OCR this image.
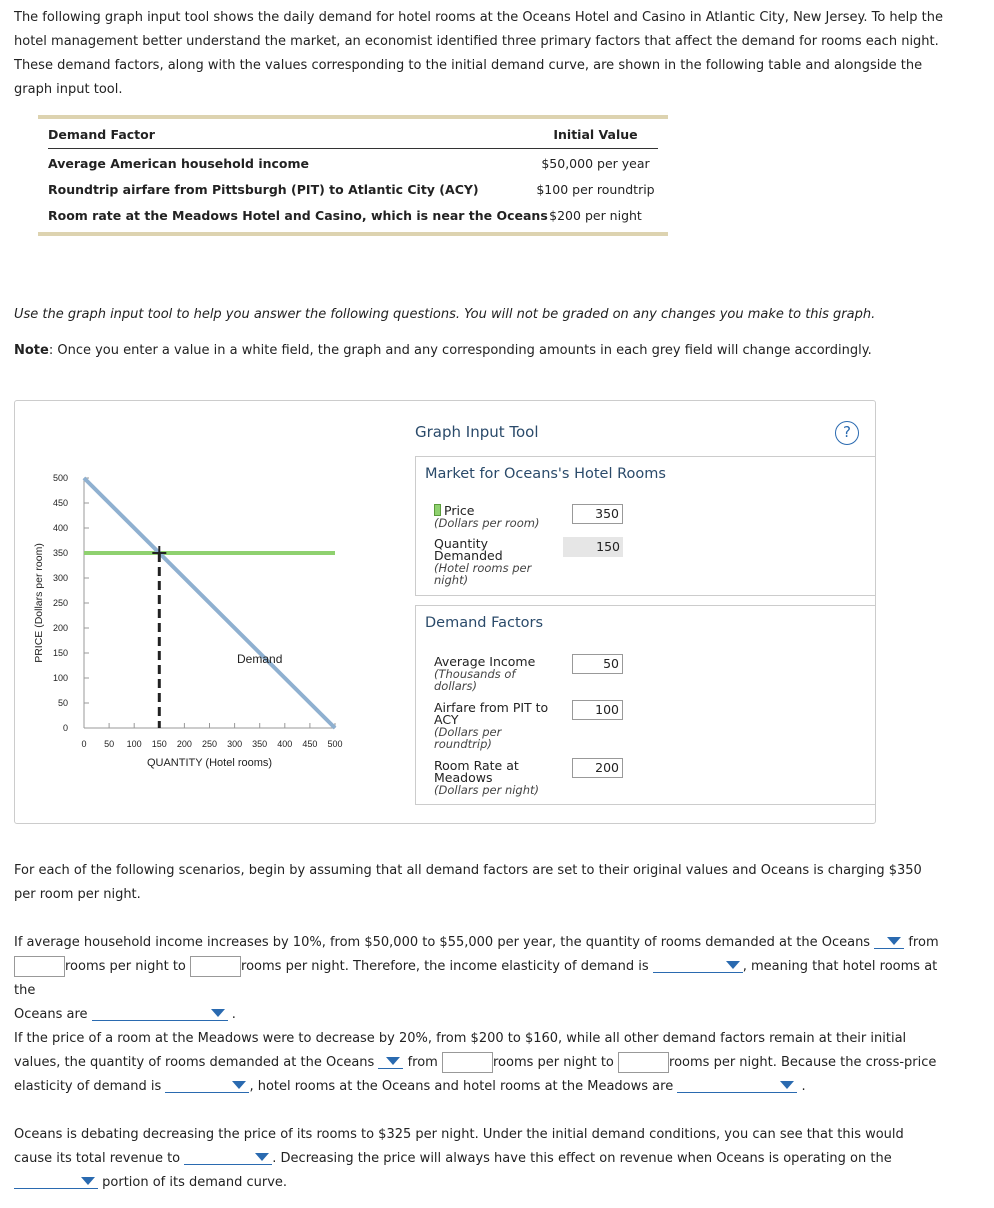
The following graph input tool shows the daily demand for hotel rooms at the Oceans Hotel and Casino in Atlantic City, New Jersey. To help the hotel management better understand the market, an economist identified three primary factors that affect the demand for rooms each night. These demand factors, along with the values corresponding to the initial demand curve, are shown in the following table and alongside the graph input tool.
Demand Factor	Initial Value
Average American household income	$50,000 per year
Roundtrip airfare from Pittsburgh (PIT) to Atlantic City (ACY)	$100 per roundtrip
Room rate at the Meadows Hotel and Casino, which is near the Oceans $200 per night
Use the graph input tool to help you answer the following questions. You will not be graded on any changes you make to this graph.
Note: Once you enter a value in a white field, the graph and any corresponding amounts in each grey field will change accordingly.
0
50
100
150
200
250
300
350
400
450
500
0 50 100 150 200 250 300 350 400 450 500
PRICE (Dollars per room)
QUANTITY (Hotel rooms)
Demand
Graph Input Tool	?
Market for Oceans's Hotel Rooms
Price
(Dollars per room)
350
Quantity
Demanded
(Hotel rooms per
night)
150
Demand Factors
Average Income
(Thousands of
dollars)
50
Airfare from PIT to
ACY
(Dollars per
roundtrip)
100
Room Rate at
Meadows
(Dollars per night)
200
For each of the following scenarios, begin by assuming that all demand factors are set to their original values and Oceans is charging $350 per room per night.
If average household income increases by 10%, from $50,000 to $55,000 per year, the quantity of rooms demanded at the Oceans	from
rooms per night to	rooms per night. Therefore, the income elasticity of demand is	, meaning that hotel rooms at the
Oceans are	.
If the price of a room at the Meadows were to decrease by 20%, from $200 to $160, while all other demand factors remain at their initial values, the quantity of rooms demanded at the Oceans	from	rooms per night to	rooms per night. Because the cross-price elasticity of demand is	, hotel rooms at the Oceans and hotel rooms at the Meadows are	.
Oceans is debating decreasing the price of its rooms to $325 per night. Under the initial demand conditions, you can see that this would cause its total revenue to	. Decreasing the price will always have this effect on revenue when Oceans is operating on the
portion of its demand curve.
